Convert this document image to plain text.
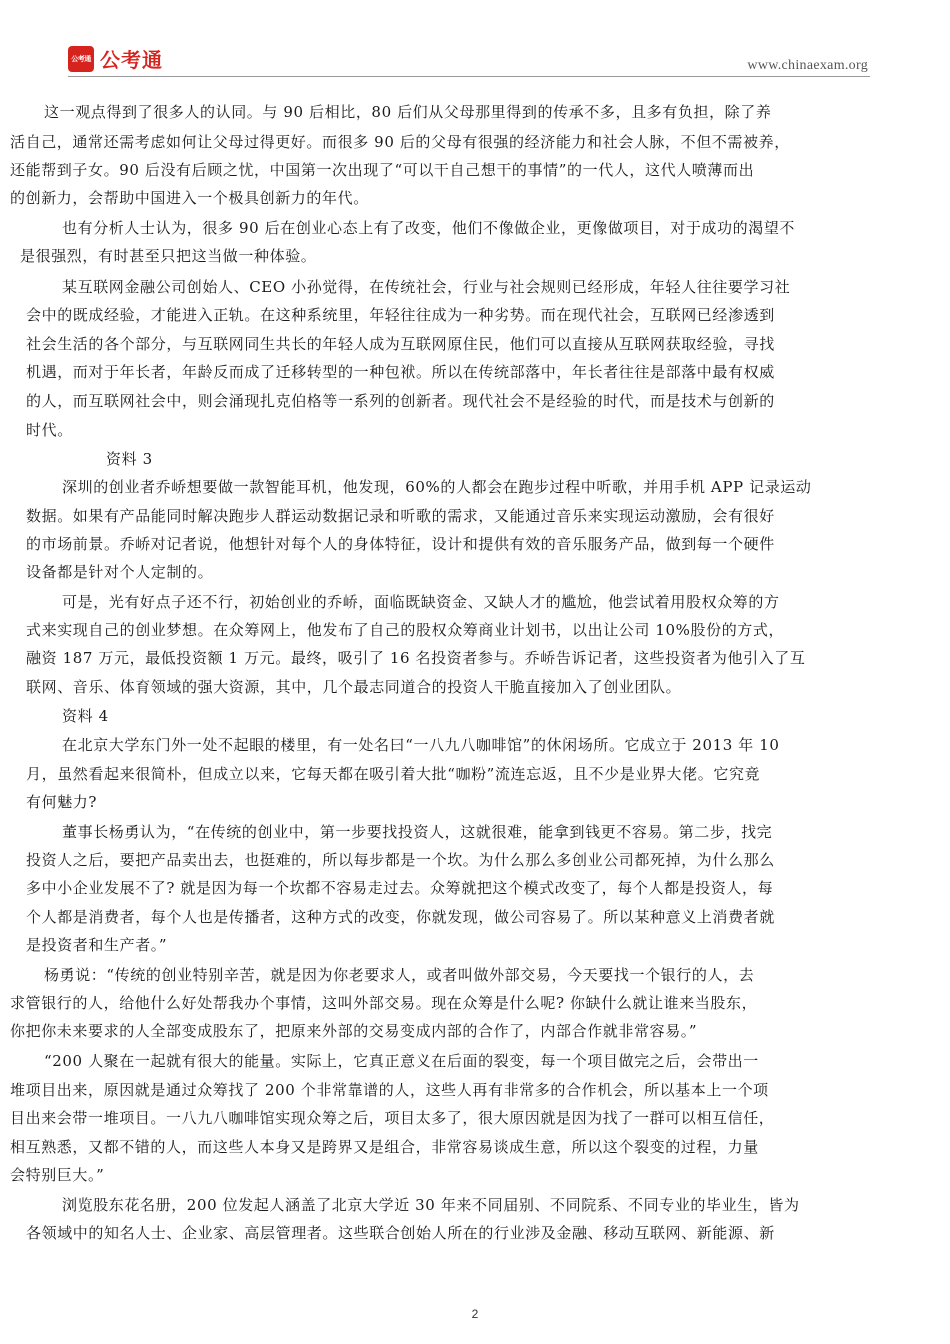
公考通 公考通	www.chinaexam.org
这一观点得到了很多人的认同。与 90 后相比，80 后们从父母那里得到的传承不多，且多有负担，除了养
活自己，通常还需考虑如何让父母过得更好。而很多 90 后的父母有很强的经济能力和社会人脉，不但不需被养，
还能帮到子女。90 后没有后顾之忧，中国第一次出现了“可以干自己想干的事情”的一代人，这代人喷薄而出
的创新力，会帮助中国进入一个极具创新力的年代。
也有分析人士认为，很多 90 后在创业心态上有了改变，他们不像做企业，更像做项目，对于成功的渴望不
是很强烈，有时甚至只把这当做一种体验。
某互联网金融公司创始人、CEO 小孙觉得，在传统社会，行业与社会规则已经形成，年轻人往往要学习社
会中的既成经验，才能进入正轨。在这种系统里，年轻往往成为一种劣势。而在现代社会，互联网已经渗透到
社会生活的各个部分，与互联网同生共长的年轻人成为互联网原住民，他们可以直接从互联网获取经验，寻找
机遇，而对于年长者，年龄反而成了迁移转型的一种包袱。所以在传统部落中，年长者往往是部落中最有权威
的人，而互联网社会中，则会涌现扎克伯格等一系列的创新者。现代社会不是经验的时代，而是技术与创新的
时代。
资料 3
深圳的创业者乔峤想要做一款智能耳机，他发现，60%的人都会在跑步过程中听歌，并用手机 APP 记录运动
数据。如果有产品能同时解决跑步人群运动数据记录和听歌的需求，又能通过音乐来实现运动激励，会有很好
的市场前景。乔峤对记者说，他想针对每个人的身体特征，设计和提供有效的音乐服务产品，做到每一个硬件
设备都是针对个人定制的。
可是，光有好点子还不行，初始创业的乔峤，面临既缺资金、又缺人才的尴尬，他尝试着用股权众筹的方
式来实现自己的创业梦想。在众筹网上，他发布了自己的股权众筹商业计划书，以出让公司 10%股份的方式，
融资 187 万元，最低投资额 1 万元。最终，吸引了 16 名投资者参与。乔峤告诉记者，这些投资者为他引入了互
联网、音乐、体育领域的强大资源，其中，几个最志同道合的投资人干脆直接加入了创业团队。
资料 4
在北京大学东门外一处不起眼的楼里，有一处名曰“一八九八咖啡馆”的休闲场所。它成立于 2013 年 10
月，虽然看起来很简朴，但成立以来，它每天都在吸引着大批“咖粉”流连忘返，且不少是业界大佬。它究竟
有何魅力?
董事长杨勇认为，“在传统的创业中，第一步要找投资人，这就很难，能拿到钱更不容易。第二步，找完
投资人之后，要把产品卖出去，也挺难的，所以每步都是一个坎。为什么那么多创业公司都死掉，为什么那么
多中小企业发展不了? 就是因为每一个坎都不容易走过去。众筹就把这个模式改变了，每个人都是投资人，每
个人都是消费者，每个人也是传播者，这种方式的改变，你就发现，做公司容易了。所以某种意义上消费者就
是投资者和生产者。”
杨勇说：“传统的创业特别辛苦，就是因为你老要求人，或者叫做外部交易，今天要找一个银行的人，去
求管银行的人，给他什么好处帮我办个事情，这叫外部交易。现在众筹是什么呢? 你缺什么就让谁来当股东，
你把你未来要求的人全部变成股东了，把原来外部的交易变成内部的合作了，内部合作就非常容易。”
“200 人聚在一起就有很大的能量。实际上，它真正意义在后面的裂变，每一个项目做完之后，会带出一
堆项目出来，原因就是通过众筹找了 200 个非常靠谱的人，这些人再有非常多的合作机会，所以基本上一个项
目出来会带一堆项目。一八九八咖啡馆实现众筹之后，项目太多了，很大原因就是因为找了一群可以相互信任，
相互熟悉，又都不错的人，而这些人本身又是跨界又是组合，非常容易谈成生意，所以这个裂变的过程，力量
会特别巨大。”
浏览股东花名册，200 位发起人涵盖了北京大学近 30 年来不同届别、不同院系、不同专业的毕业生，皆为
各领域中的知名人士、企业家、高层管理者。这些联合创始人所在的行业涉及金融、移动互联网、新能源、新
2
